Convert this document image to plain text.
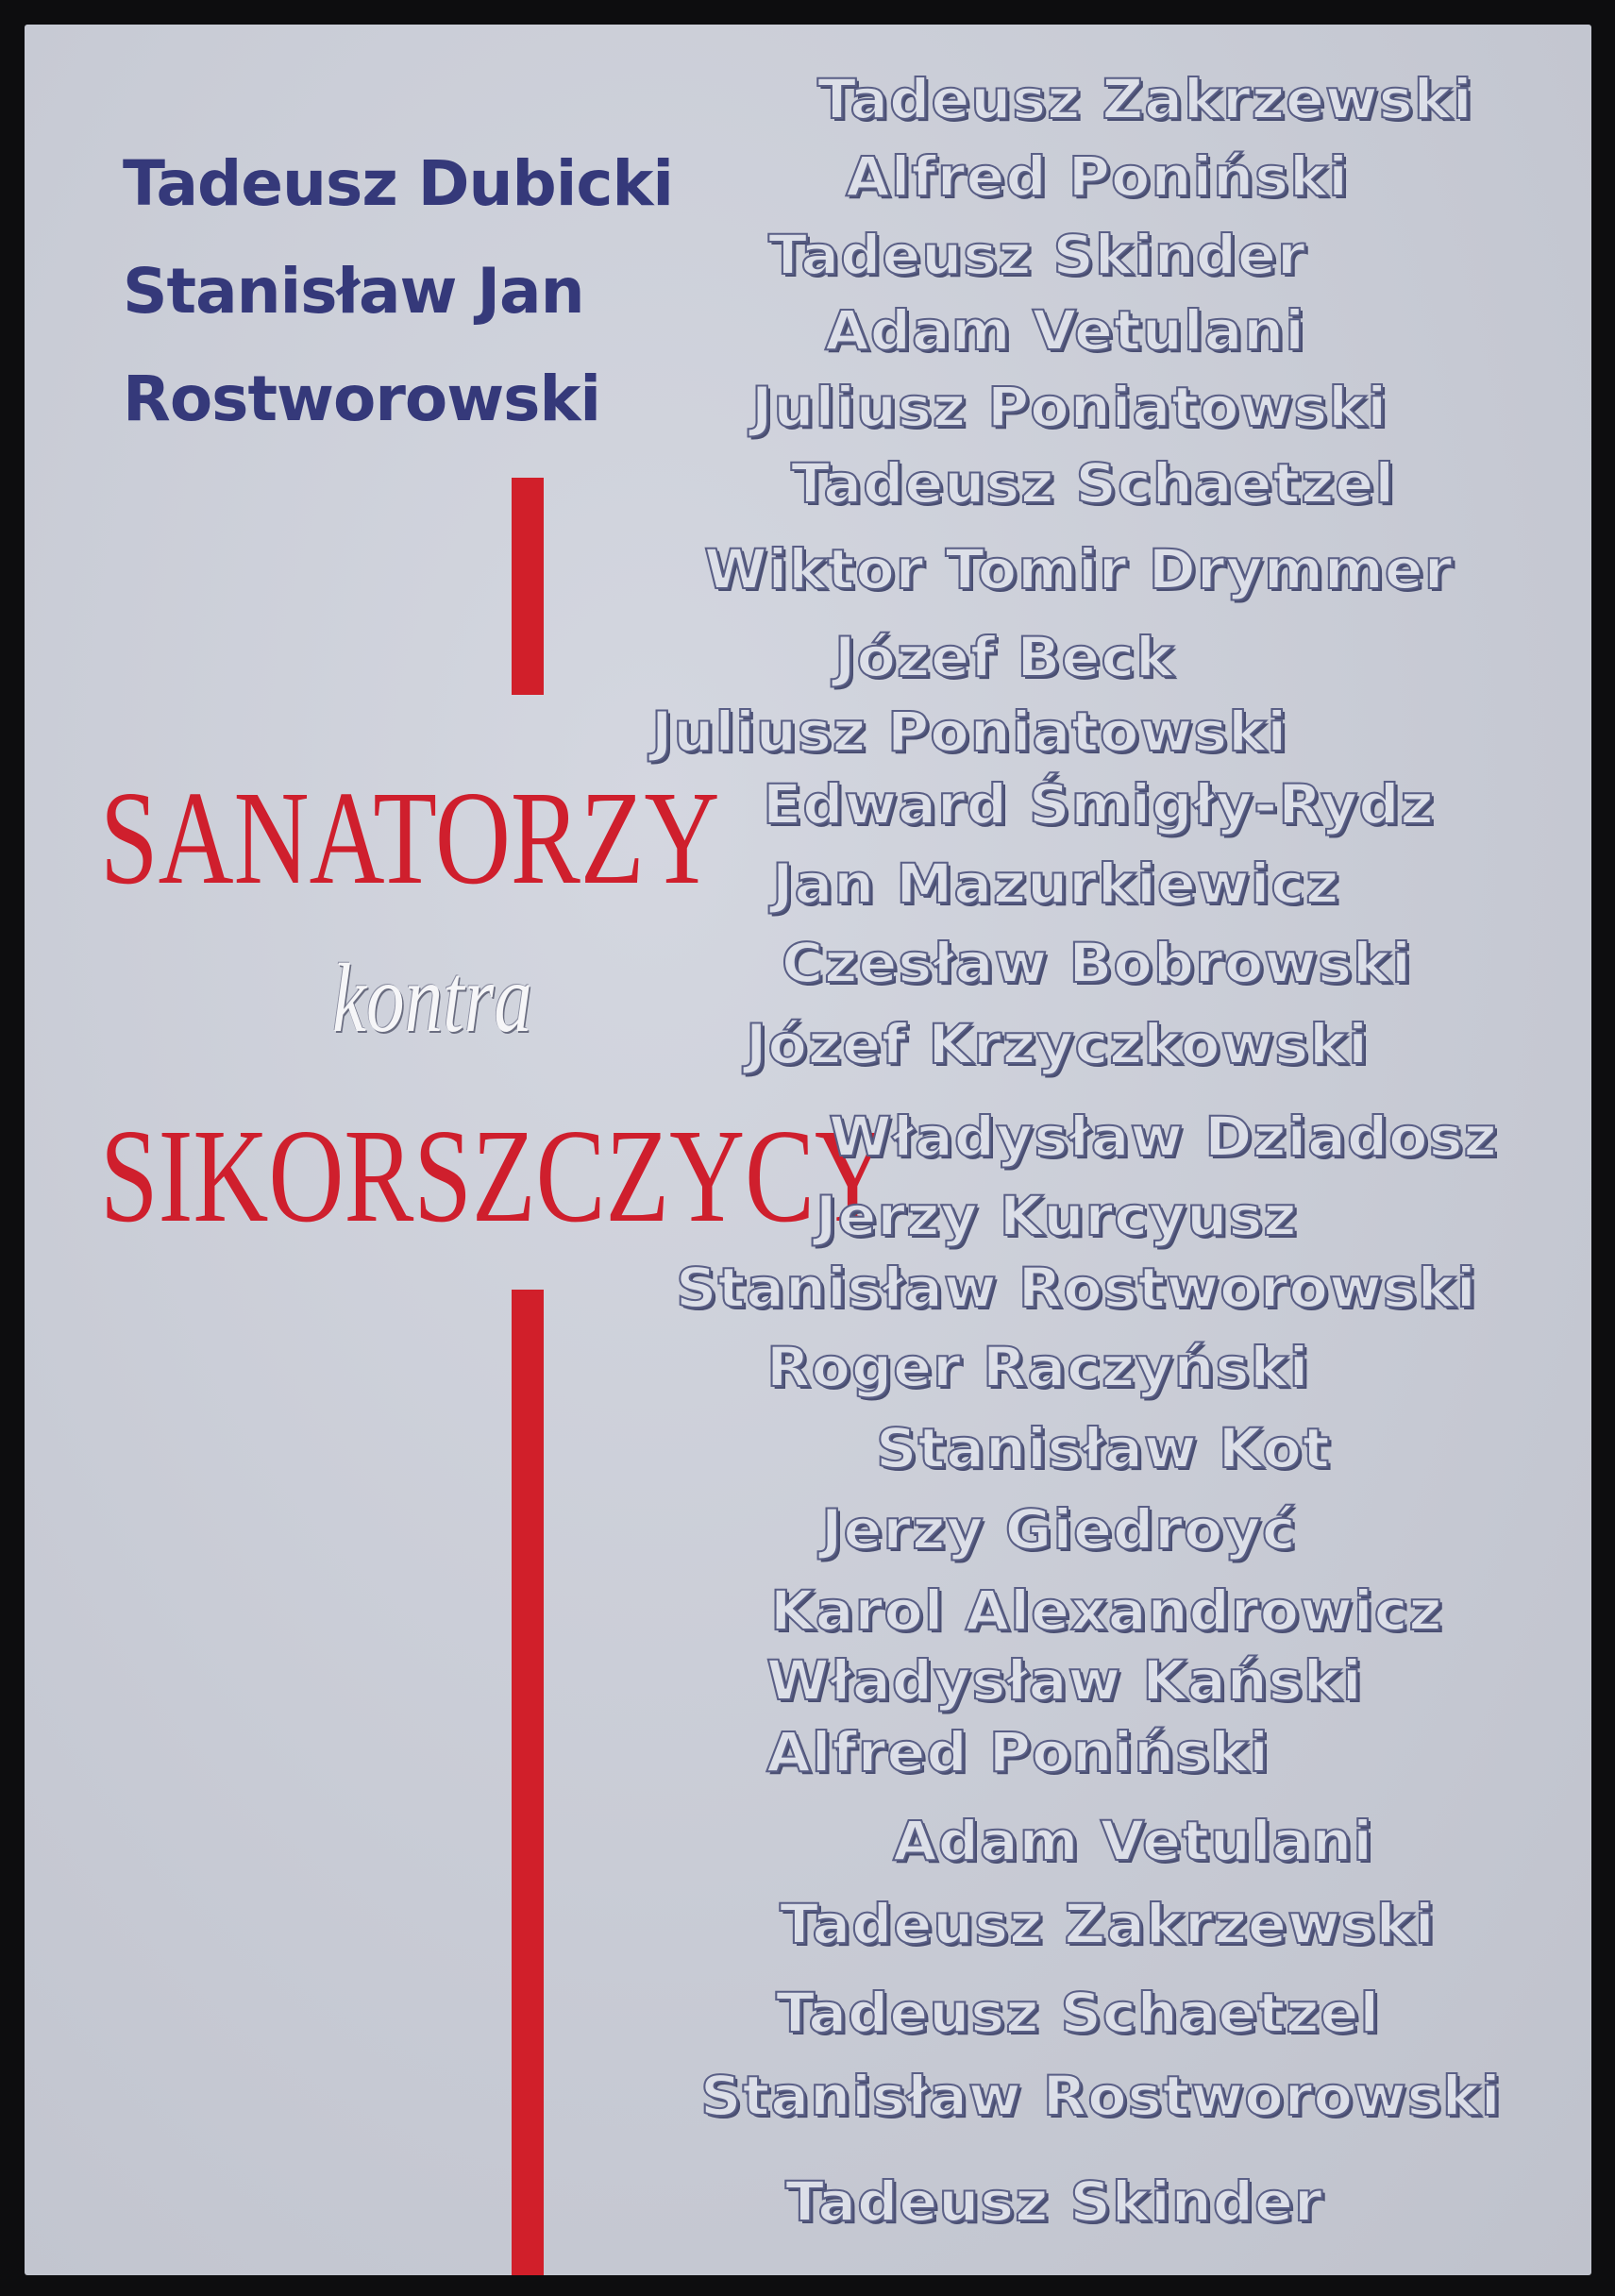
Tadeusz Dubicki
Stanisław Jan
Rostworowski
SANATORZY
kontra
SIKORSZCZYCY
Tadeusz Zakrzewski
Alfred Poniński
Tadeusz Skinder
Adam Vetulani
Juliusz Poniatowski
Tadeusz Schaetzel
Wiktor Tomir Drymmer
Józef Beck
Juliusz Poniatowski
Edward Śmigły-Rydz
Jan Mazurkiewicz
Czesław Bobrowski
Józef Krzyczkowski
Władysław Dziadosz
Jerzy Kurcyusz
Stanisław Rostworowski
Roger Raczyński
Stanisław Kot
Jerzy Giedroyć
Karol Alexandrowicz
Władysław Kański
Alfred Poniński
Adam Vetulani
Tadeusz Zakrzewski
Tadeusz Schaetzel
Stanisław Rostworowski
Tadeusz Skinder
